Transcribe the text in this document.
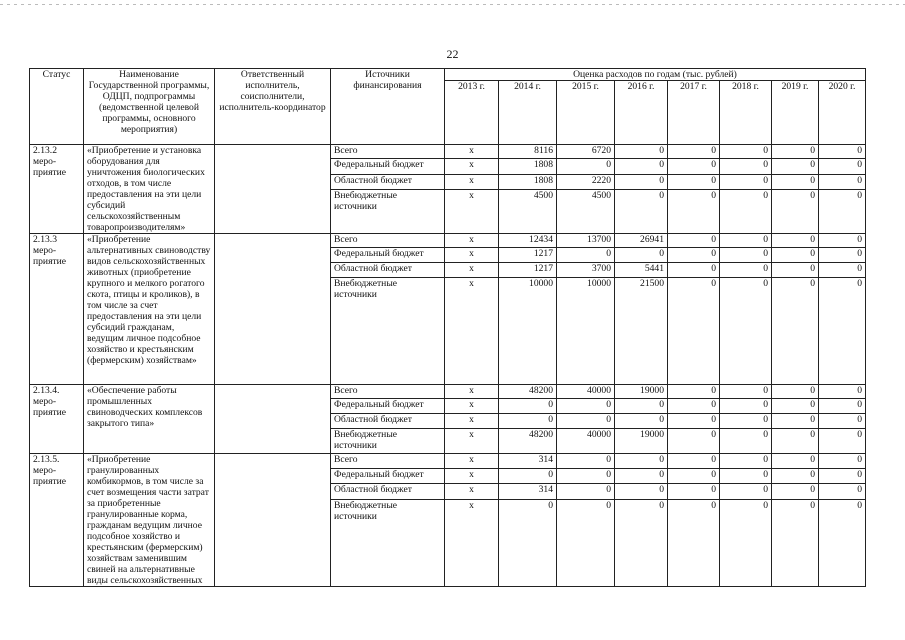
22
Статус	Наименование Государственной программы, ОДЦП, подпрограммы (ведомственной целевой программы, основного мероприятия)	Ответственный исполнитель, соисполнители, исполнитель-координатор	Источники финансирования	Оценка расходов по годам (тыс. рублей)							
				2013 г.	2014 г.	2015 г.	2016 г.	2017 г.	2018 г.	2019 г.	2020 г.
2.13.2 меро-приятие	«Приобретение и установка оборудования для уничтожения биологических отходов, в том числе предоставления на эти цели субсидий сельскохозяйственным товаропроизводителям»		Всего	x	8116	6720	0	0	0	0	0
			Федеральный бюджет	x	1808	0	0	0	0	0	0
			Областной бюджет	x	1808	2220	0	0	0	0	0
			Внебюджетные источники	x	4500	4500	0	0	0	0	0
2.13.3 меро-приятие	«Приобретение альтернативных свиноводству видов сельскохозяйственных животных (приобретение крупного и мелкого рогатого скота, птицы и кроликов), в том числе за счет предоставления на эти цели субсидий гражданам, ведущим личное подсобное хозяйство и крестьянским (фермерским) хозяйствам»		Всего	x	12434	13700	26941	0	0	0	0
			Федеральный бюджет	x	1217	0	0	0	0	0	0
			Областной бюджет	x	1217	3700	5441	0	0	0	0
			Внебюджетные источники	x	10000	10000	21500	0	0	0	0
2.13.4. меро-приятие	«Обеспечение работы промышленных свиноводческих комплексов закрытого типа»		Всего	x	48200	40000	19000	0	0	0	0
			Федеральный бюджет	x	0	0	0	0	0	0	0
			Областной бюджет	x	0	0	0	0	0	0	0
			Внебюджетные источники	x	48200	40000	19000	0	0	0	0
2.13.5. меро-приятие	«Приобретение гранулированных комбикормов, в том числе за счет возмещения части затрат за приобретенные гранулированные корма, гражданам ведущим личное подсобное хозяйство и крестьянским (фермерским) хозяйствам заменившим свиней на альтернативные виды сельскохозяйственных		Всего	x	314	0	0	0	0	0	0
			Федеральный бюджет	x	0	0	0	0	0	0	0
			Областной бюджет	x	314	0	0	0	0	0	0
			Внебюджетные источники	x	0	0	0	0	0	0	0
